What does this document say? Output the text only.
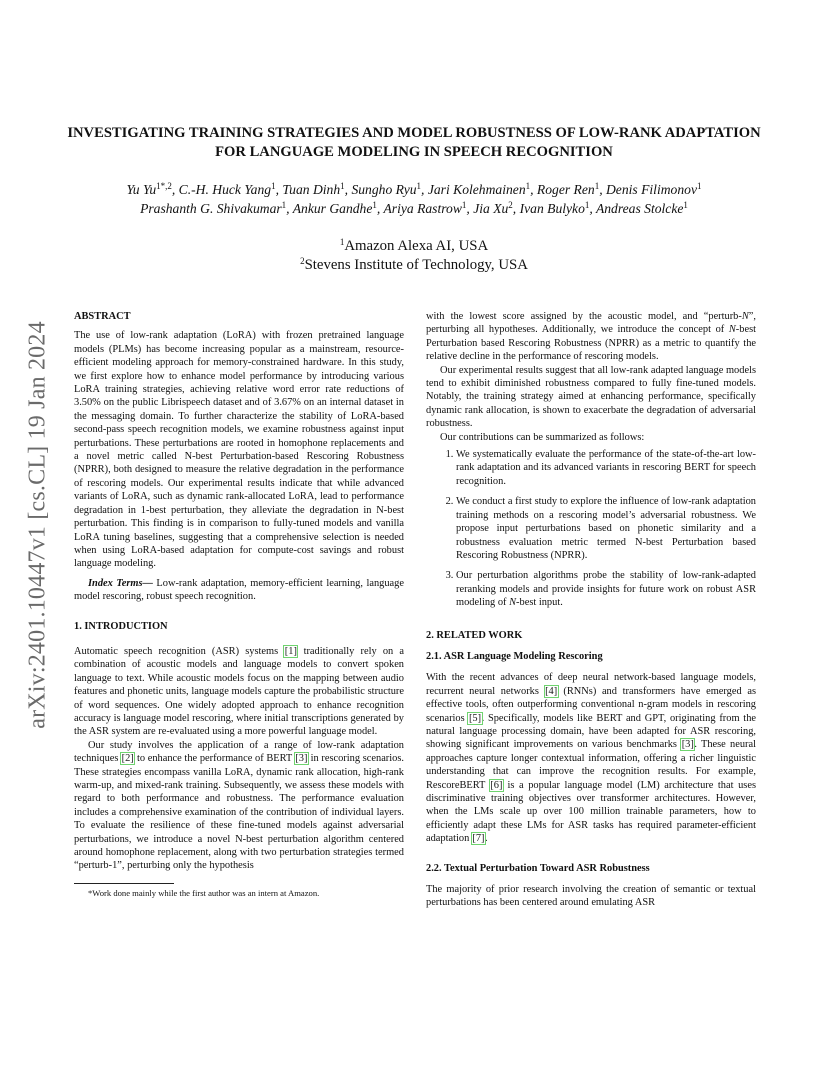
arXiv:2401.10447v1 [cs.CL] 19 Jan 2024
INVESTIGATING TRAINING STRATEGIES AND MODEL ROBUSTNESS OF LOW-RANK ADAPTATION FOR LANGUAGE MODELING IN SPEECH RECOGNITION
Yu $Yu^{1*,2}$, C.-H. Huck Yang$^1$, Tuan Dinh$^1$, Sungho Ryu$^1$, Jari Kolehmainen$^1$, Roger Ren$^1$, Denis Filimonov$^1$
Prashanth G. Shivakumar$^1$, Ankur Gandhe$^1$, Ariya Rastrow$^1$, Jia Xu$^2$, Ivan Bulyko$^1$, Andreas Stolcke$^1$
$^1$Amazon Alexa AI, USA
$^2$Stevens Institute of Technology, USA

ABSTRACT

The use of low-rank adaptation (LoRA) with frozen pretrained language models (PLMs) has become increasing popular as a mainstream, resource-efficient modeling approach for memory-constrained hardware. In this study, we first explore how to enhance model performance by introducing various LoRA training strategies, achieving relative word error rate reductions of 3.50% on the public Librispeech dataset and of 3.67% on an internal dataset in the messaging domain. To further characterize the stability of LoRA-based second-pass speech recognition models, we examine robustness against input perturbations. These perturbations are rooted in homophone replacements and a novel metric called N-best Perturbation-based Rescoring Robustness (NPRR), both designed to measure the relative degradation in the performance of rescoring models. Our experimental results indicate that while advanced variants of LoRA, such as dynamic rank-allocated LoRA, lead to performance degradation in 1-best perturbation, they alleviate the degradation in N-best perturbation. This finding is in comparison to fully-tuned models and vanilla LoRA tuning baselines, suggesting that a comprehensive selection is needed when using LoRA-based adaptation for compute-cost savings and robust language modeling.

Index Terms— Low-rank adaptation, memory-efficient learning, language model rescoring, robust speech recognition.

1. INTRODUCTION

Automatic speech recognition (ASR) systems [1] traditionally rely on a combination of acoustic models and language models to convert spoken language to text. While acoustic models focus on the mapping between audio features and phonetic units, language models capture the probabilistic structure of word sequences. One widely adopted approach to enhance recognition accuracy is language model rescoring, where initial transcriptions generated by the ASR system are re-evaluated using a more powerful language model.

Our study involves the application of a range of low-rank adaptation techniques [2] to enhance the performance of BERT [3] in rescoring scenarios. These strategies encompass vanilla LoRA, dynamic rank allocation, high-rank warm-up, and mixed-rank training. Subsequently, we assess these models with regard to both performance and robustness. The performance evaluation includes a comprehensive examination of the contribution of individual layers. To evaluate the resilience of these fine-tuned models against adversarial perturbations, we introduce a novel N-best perturbation algorithm centered around homophone replacement, along with two perturbation strategies termed “perturb-1”, perturbing only the hypothesis

*Work done mainly while the first author was an intern at Amazon.

with the lowest score assigned by the acoustic model, and “perturb-N”, perturbing all hypotheses. Additionally, we introduce the concept of N-best Perturbation based Rescoring Robustness (NPRR) as a metric to quantify the relative decline in the performance of rescoring models.

Our experimental results suggest that all low-rank adapted language models tend to exhibit diminished robustness compared to fully fine-tuned models. Notably, the training strategy aimed at enhancing performance, specifically dynamic rank allocation, is shown to exacerbate the degradation of adversarial robustness.

Our contributions can be summarized as follows:

1. We systematically evaluate the performance of the state-of-the-art low-rank adaptation and its advanced variants in rescoring BERT for speech recognition.
2. We conduct a first study to explore the influence of low-rank adaptation training methods on a rescoring model’s adversarial robustness. We propose input perturbations based on phonetic similarity and a robustness evaluation metric termed N-best Perturbation based Rescoring Robustness (NPRR).
3. Our perturbation algorithms probe the stability of low-rank-adapted reranking models and provide insights for future work on robust ASR modeling of N-best input.

2. RELATED WORK

2.1. ASR Language Modeling Rescoring

With the recent advances of deep neural network-based language models, recurrent neural networks [4] (RNNs) and transformers have emerged as effective tools, often outperforming conventional n-gram models in rescoring scenarios [5]. Specifically, models like BERT and GPT, originating from the natural language processing domain, have been adapted for ASR rescoring, showing significant improvements on various benchmarks [3]. These neural approaches capture longer contextual information, offering a richer linguistic understanding that can improve the recognition results. For example, RescoreBERT [6] is a popular language model (LM) architecture that uses discriminative training objectives over transformer architectures. However, when the LMs scale up over 100 million trainable parameters, how to efficiently adapt these LMs for ASR tasks has required parameter-efficient adaptation [7].

2.2. Textual Perturbation Toward ASR Robustness

The majority of prior research involving the creation of semantic or textual perturbations has been centered around emulating ASR
